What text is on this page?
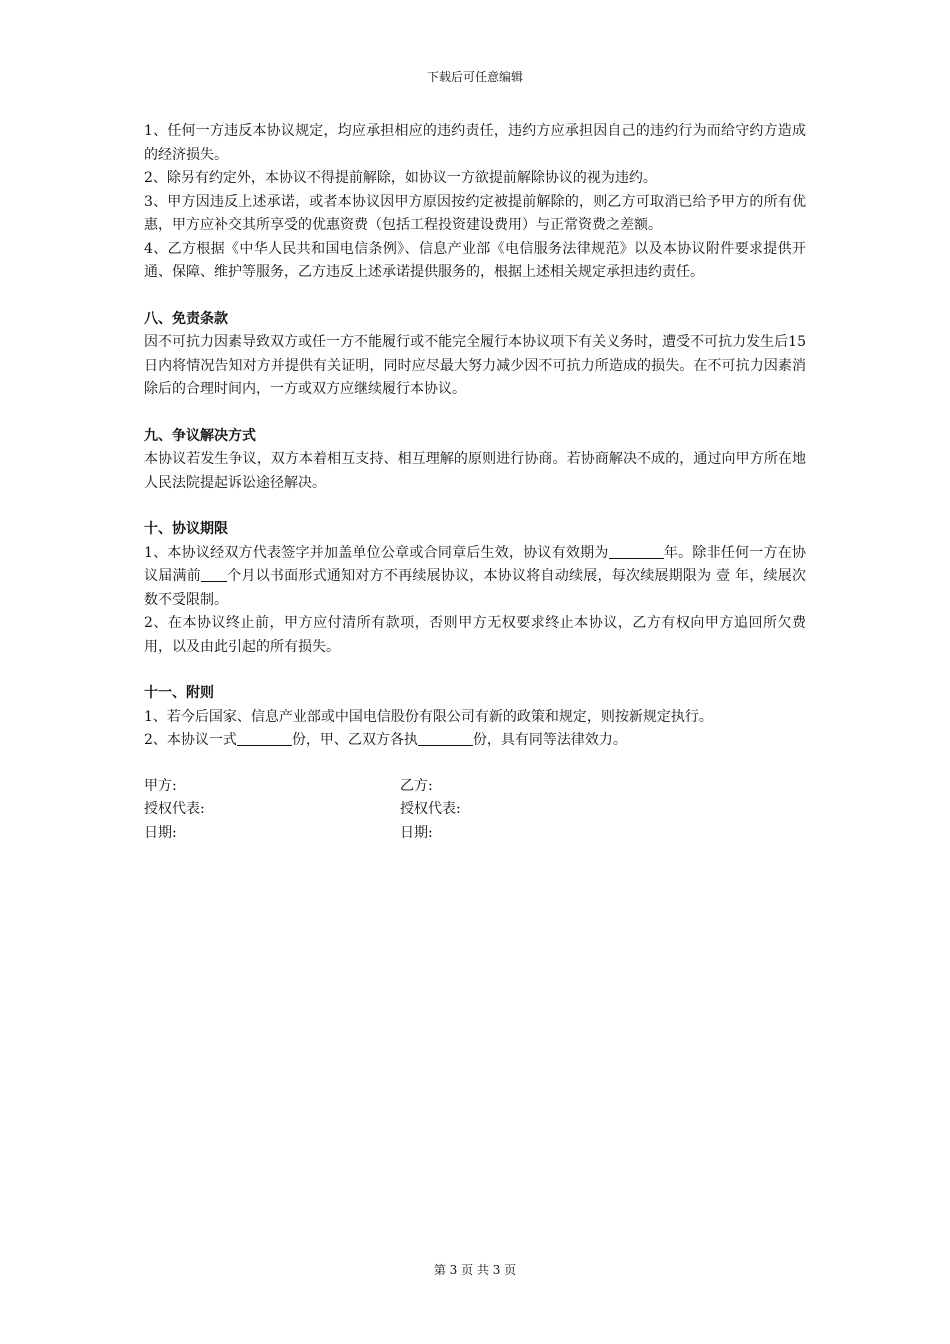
下载后可任意编辑

1、任何一方违反本协议规定，均应承担相应的违约责任，违约方应承担因自己的违约行为而给守约方造成的经济损失。

2、除另有约定外，本协议不得提前解除，如协议一方欲提前解除协议的视为违约。

3、甲方因违反上述承诺，或者本协议因甲方原因按约定被提前解除的，则乙方可取消已给予甲方的所有优惠，甲方应补交其所享受的优惠资费（包括工程投资建设费用）与正常资费之差额。

4、乙方根据《中华人民共和国电信条例》、信息产业部《电信服务法律规范》以及本协议附件要求提供开通、保障、维护等服务，乙方违反上述承诺提供服务的，根据上述相关规定承担违约责任。

八、免责条款

因不可抗力因素导致双方或任一方不能履行或不能完全履行本协议项下有关义务时，遭受不可抗力发生后15日内将情况告知对方并提供有关证明，同时应尽最大努力减少因不可抗力所造成的损失。在不可抗力因素消除后的合理时间内，一方或双方应继续履行本协议。

九、争议解决方式

本协议若发生争议，双方本着相互支持、相互理解的原则进行协商。若协商解决不成的，通过向甲方所在地人民法院提起诉讼途径解决。

十、协议期限

1、本协议经双方代表签字并加盖单位公章或合同章后生效，协议有效期为	年。除非任何一方在协议届满前 个月以书面形式通知对方不再续展协议，本协议将自动续展，每次续展期限为 壹 年，续展次数不受限制。

2、在本协议终止前，甲方应付清所有款项，否则甲方无权要求终止本协议，乙方有权向甲方追回所欠费用，以及由此引起的所有损失。

十一、附则

1、若今后国家、信息产业部或中国电信股份有限公司有新的政策和规定，则按新规定执行。

2、本协议一式	份，甲、乙双方各执	份，具有同等法律效力。

甲方:	乙方:
授权代表:	授权代表:
日期:	日期:
第 3 页 共 3 页
